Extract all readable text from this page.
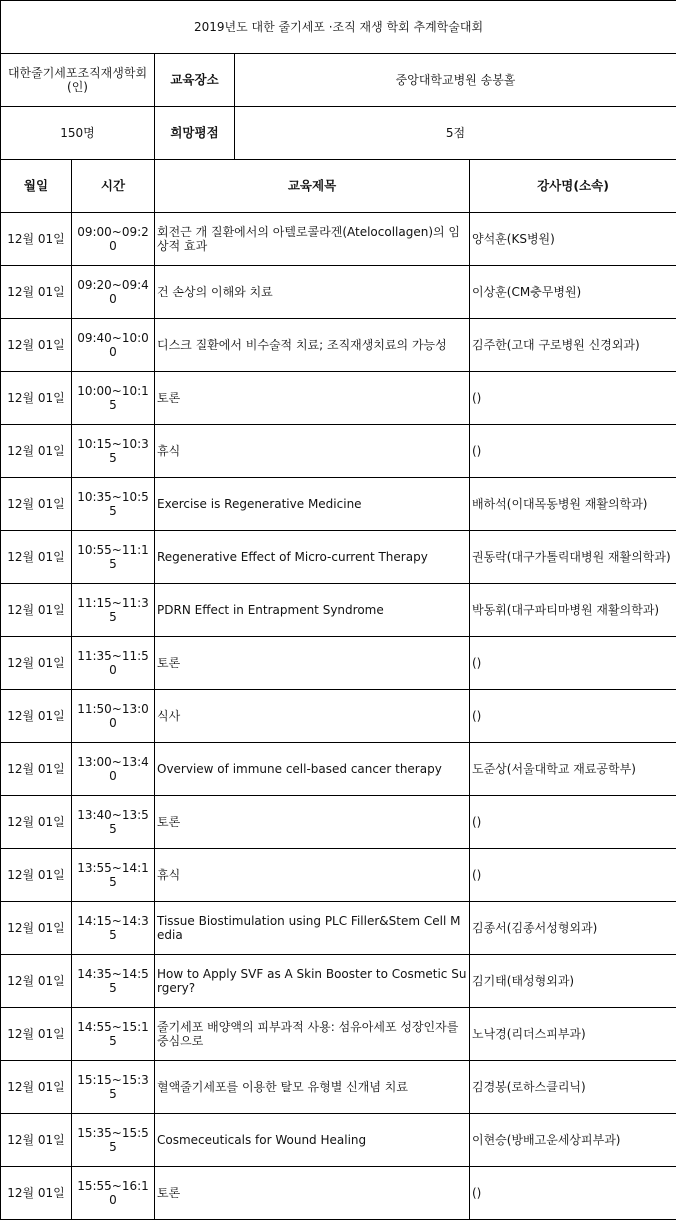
2019년도 대한 줄기세포 ·조직 재생 학회 추계학술대회				
대한줄기세포조직재생학회(인)		교육장소	중앙대학교병원 송봉홀	
150명		희망평점	5점	
월일	시간	교육제목		강사명(소속)
12월 01일	09:00~09:20	회전근 개 질환에서의 아텔로콜라겐(Atelocollagen)의 임상적 효과		양석훈(KS병원)
12월 01일	09:20~09:40	건 손상의 이해와 치료		이상훈(CM충무병원)
12월 01일	09:40~10:00	디스크 질환에서 비수술적 치료; 조직재생치료의 가능성		김주한(고대 구로병원 신경외과)
12월 01일	10:00~10:15	토론		()
12월 01일	10:15~10:35	휴식		()
12월 01일	10:35~10:55	Exercise is Regenerative Medicine		배하석(이대목동병원 재활의학과)
12월 01일	10:55~11:15	Regenerative Effect of Micro-current Therapy		권동락(대구가톨릭대병원 재활의학과)
12월 01일	11:15~11:35	PDRN Effect in Entrapment Syndrome		박동휘(대구파티마병원 재활의학과)
12월 01일	11:35~11:50	토론		()
12월 01일	11:50~13:00	식사		()
12월 01일	13:00~13:40	Overview of immune cell-based cancer therapy		도준상(서울대학교 재료공학부)
12월 01일	13:40~13:55	토론		()
12월 01일	13:55~14:15	휴식		()
12월 01일	14:15~14:35	Tissue Biostimulation using PLC Filler&Stem Cell Media		김종서(김종서성형외과)
12월 01일	14:35~14:55	How to Apply SVF as A Skin Booster to Cosmetic Surgery?		김기태(태성형외과)
12월 01일	14:55~15:15	줄기세포 배양액의 피부과적 사용: 섬유아세포 성장인자를 중심으로		노낙경(리더스피부과)
12월 01일	15:15~15:35	혈액줄기세포를 이용한 탈모 유형별 신개념 치료		김경봉(로하스클리닉)
12월 01일	15:35~15:55	Cosmeceuticals for Wound Healing		이현승(방배고운세상피부과)
12월 01일	15:55~16:10	토론		()
